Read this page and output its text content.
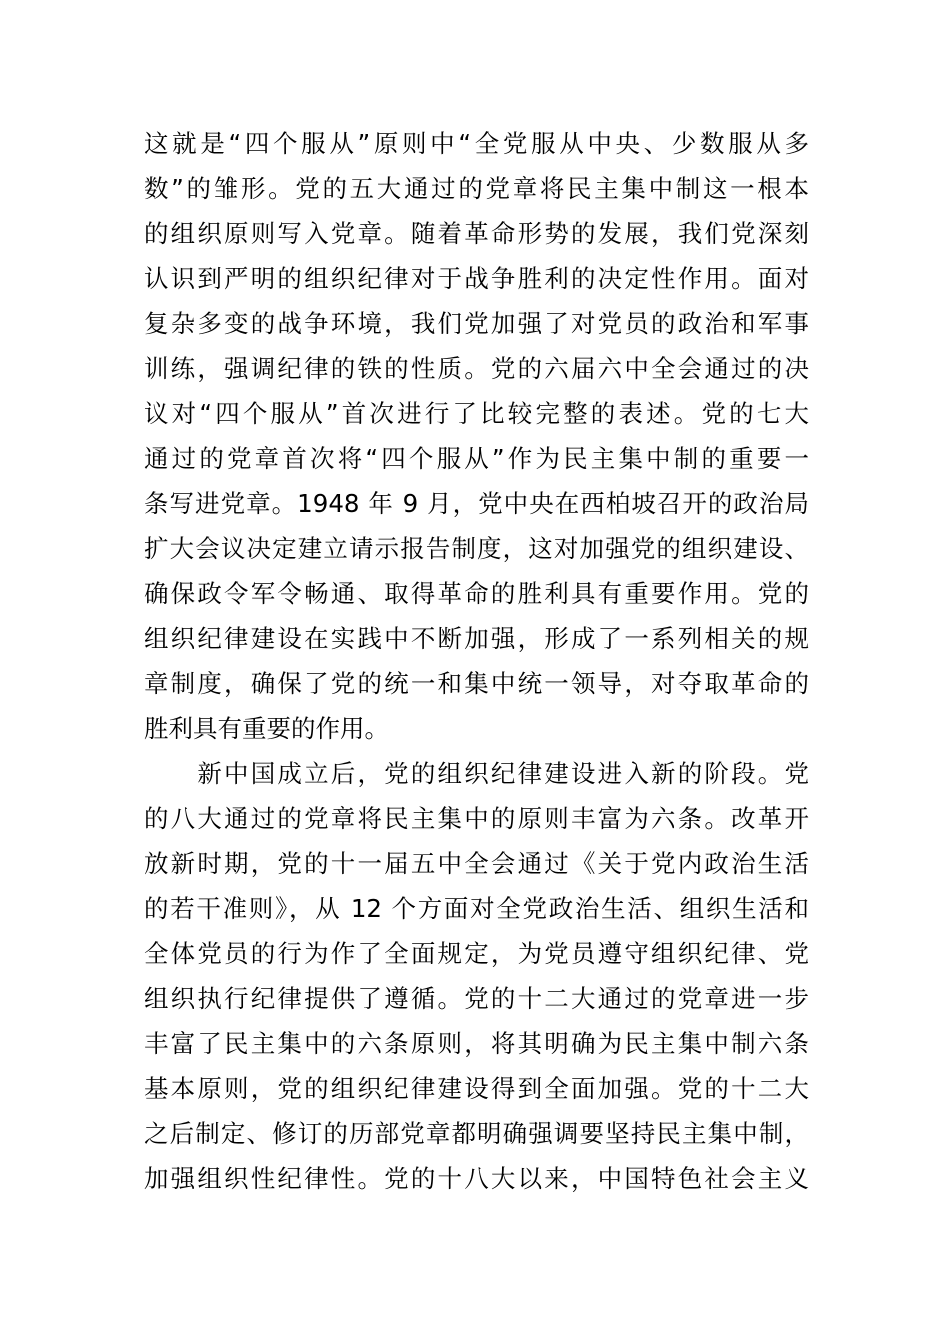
这就是“四个服从”原则中“全党服从中央、少数服从多
数”的雏形。党的五大通过的党章将民主集中制这一根本
的组织原则写入党章。随着革命形势的发展，我们党深刻
认识到严明的组织纪律对于战争胜利的决定性作用。面对
复杂多变的战争环境，我们党加强了对党员的政治和军事
训练，强调纪律的铁的性质。党的六届六中全会通过的决
议对“四个服从”首次进行了比较完整的表述。党的七大
通过的党章首次将“四个服从”作为民主集中制的重要一
条写进党章。1948 年 9 月，党中央在西柏坡召开的政治局
扩大会议决定建立请示报告制度，这对加强党的组织建设、
确保政令军令畅通、取得革命的胜利具有重要作用。党的
组织纪律建设在实践中不断加强，形成了一系列相关的规
章制度，确保了党的统一和集中统一领导，对夺取革命的
胜利具有重要的作用。
　　新中国成立后，党的组织纪律建设进入新的阶段。党
的八大通过的党章将民主集中的原则丰富为六条。改革开
放新时期，党的十一届五中全会通过《关于党内政治生活
的若干准则》，从 12 个方面对全党政治生活、组织生活和
全体党员的行为作了全面规定，为党员遵守组织纪律、党
组织执行纪律提供了遵循。党的十二大通过的党章进一步
丰富了民主集中的六条原则，将其明确为民主集中制六条
基本原则，党的组织纪律建设得到全面加强。党的十二大
之后制定、修订的历部党章都明确强调要坚持民主集中制，
加强组织性纪律性。党的十八大以来，中国特色社会主义
